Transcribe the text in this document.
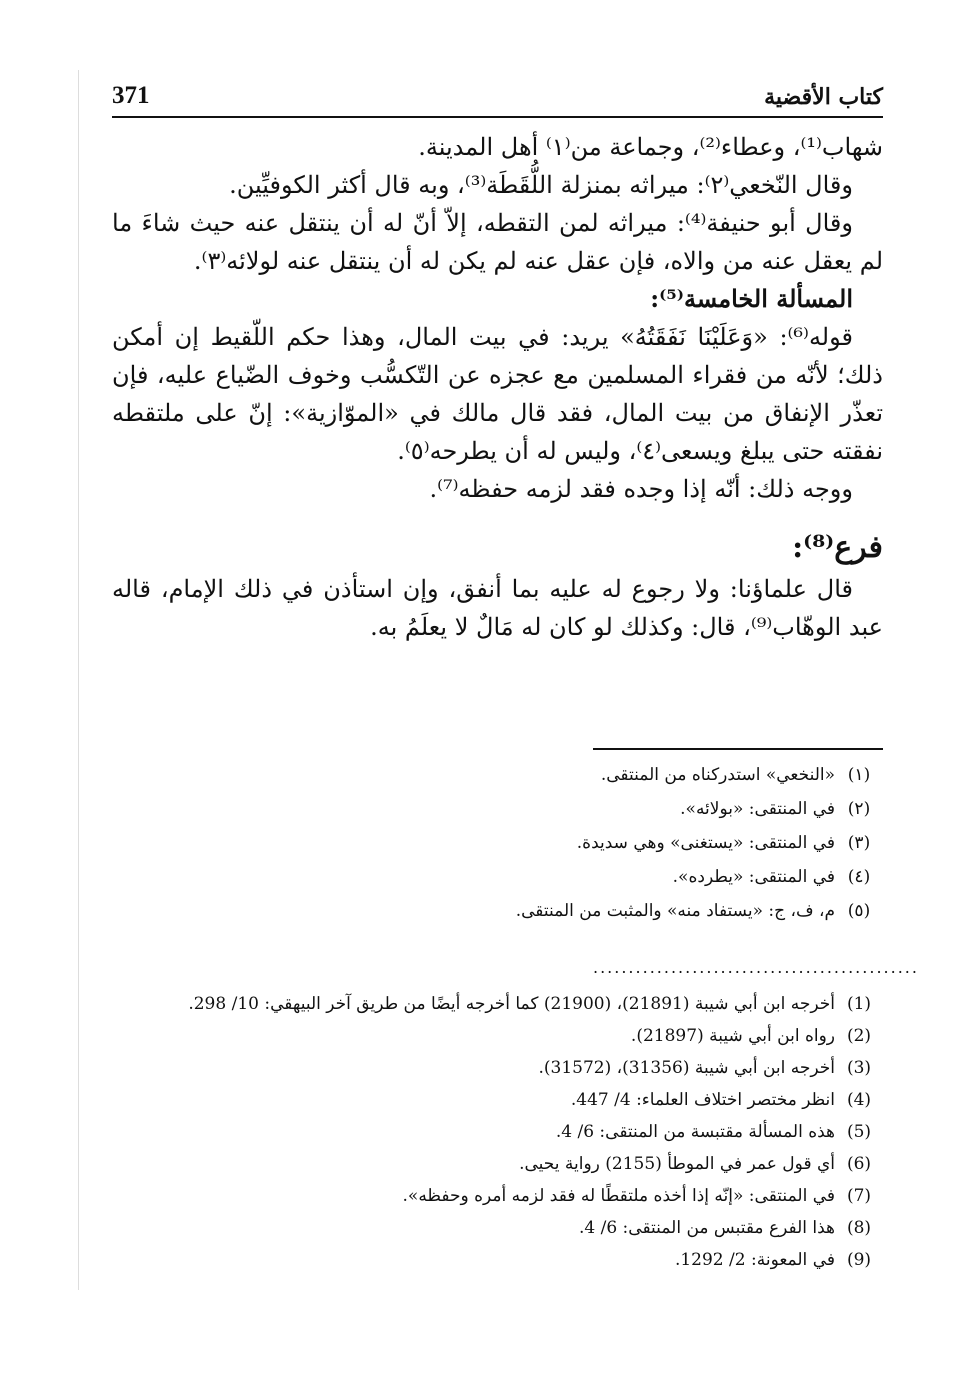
كتاب الأقضية
371

شهاب⁽¹⁾، وعطاء⁽²⁾، وجماعة من⁽١⁾ أهل المدينة.

وقال النّخعي⁽٢⁾: ميراثه بمنزلة اللُّقَطَة⁽³⁾، وبه قال أكثر الكوفيِّين.

وقال أبو حنيفة⁽⁴⁾: ميراثه لمن التقطه، إلاّ أنّ له أن ينتقل عنه حيث شاءَ ما لم يعقل عنه من والاه، فإن عقل عنه لم يكن له أن ينتقل عنه لولائه⁽٣⁾.

المسألة الخامسة⁽⁵⁾:

قوله⁽⁶⁾: «وَعَلَيْنَا نَفَقَتُهُ» يريد: في بيت المال، وهذا حكم اللّقيط إن أمكن ذلك؛ لأنّه من فقراء المسلمين مع عجزه عن التّكسُّب وخوف الضّياع عليه، فإن تعذّر الإنفاق من بيت المال، فقد قال مالك في «الموّازية»: إنّ على ملتقطه نفقته حتى يبلغ ويسعى⁽٤⁾، وليس له أن يطرحه⁽٥⁾.

ووجه ذلك: أنّه إذا وجده فقد لزمه حفظه⁽⁷⁾.

فرع⁽⁸⁾:

قال علماؤنا: ولا رجوع له عليه بما أنفق، وإن استأذن في ذلك الإمام، قاله عبد الوهّاب⁽⁹⁾، قال: وكذلك لو كان له مَالٌ لا يعلَمُ به.

(١)
«النخعي» استدركناه من المنتقى.
(٢)
في المنتقى: «بولائه».
(٣)
في المنتقى: «يستغنى» وهي سديدة.
(٤)
في المنتقى: «يطرده».
(٥)
م، ف، ج: «يستفاد منه» والمثبت من المنتقى.
..............................................
(1)
أخرجه ابن أبي شيبة (21891)، (21900) كما أخرجه أيضًا من طريق آخر البيهقي: 10/ 298.
(2)
رواه ابن أبي شيبة (21897).
(3)
أخرجه ابن أبي شيبة (31356)، (31572).
(4)
انظر مختصر اختلاف العلماء: 4/ 447.
(5)
هذه المسألة مقتبسة من المنتقى: 6/ 4.
(6)
أي قول عمر في الموطأ (2155) رواية يحيى.
(7)
في المنتقى: «إنّه إذا أخذه ملتقطًا له فقد لزمه أمره وحفظه».
(8)
هذا الفرع مقتبس من المنتقى: 6/ 4.
(9)
في المعونة: 2/ 1292.
